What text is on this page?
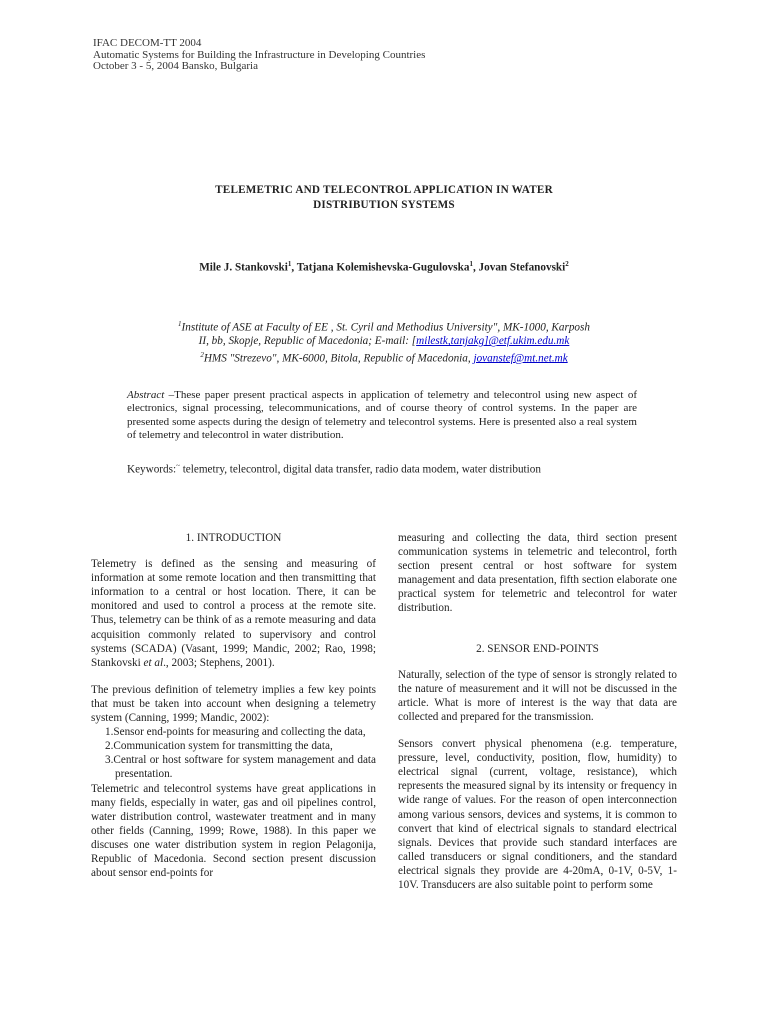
IFAC DECOM-TT 2004
Automatic Systems for Building the Infrastructure in Developing Countries
October 3 - 5, 2004 Bansko, Bulgaria
TELEMETRIC AND TELECONTROL APPLICATION IN WATER
DISTRIBUTION SYSTEMS
Mile J. Stankovski$^1$, Tatjana Kolemishevska-Gugulovska$^1$, Jovan Stefanovski$^2$
$^1$Institute of ASE at Faculty of EE , St. Cyril and Methodius University", MK-1000, Karposh
II, bb, Skopje, Republic of Macedonia; E-mail: [milestk,tanjakg]@etf.ukim.edu.mk
$^2$HMS "Strezevo", MK-6000, Bitola, Republic of Macedonia, jovanstef@mt.net.mk
Abstract –These paper present practical aspects in application of telemetry and telecontrol using new aspect of electronics, signal processing, telecommunications, and of course theory of control systems. In the paper are presented some aspects during the design of telemetry and telecontrol systems. Here is presented also a real system of telemetry and telecontrol in water distribution.
Keywords:~ telemetry, telecontrol, digital data transfer, radio data modem, water distribution
1. INTRODUCTION

Telemetry is defined as the sensing and measuring of information at some remote location and then transmitting that information to a central or host location. There, it can be monitored and used to control a process at the remote site. Thus, telemetry can be think of as a remote measuring and data acquisition commonly related to supervisory and control systems (SCADA) (Vasant, 1999; Mandic, 2002; Rao, 1998; Stankovski et al., 2003; Stephens, 2001).

The previous definition of telemetry implies a few key points that must be taken into account when designing a telemetry system (Canning, 1999; Mandic, 2002):

1.Sensor end-points for measuring and collecting the data,
2.Communication system for transmitting the data,
3.Central or host software for system management and data presentation.

Telemetric and telecontrol systems have great applications in many fields, especially in water, gas and oil pipelines control, water distribution control, wastewater treatment and in many other fields (Canning, 1999; Rowe, 1988). In this paper we discuses one water distribution system in region Pelagonija, Republic of Macedonia. Second section present discussion about sensor end-points for

measuring and collecting the data, third section present communication systems in telemetric and telecontrol, forth section present central or host software for system management and data presentation, fifth section elaborate one practical system for telemetric and telecontrol for water distribution.

2. SENSOR END-POINTS

Naturally, selection of the type of sensor is strongly related to the nature of measurement and it will not be discussed in the article. What is more of interest is the way that data are collected and prepared for the transmission.

Sensors convert physical phenomena (e.g. temperature, pressure, level, conductivity, position, flow, humidity) to electrical signal (current, voltage, resistance), which represents the measured signal by its intensity or frequency in wide range of values. For the reason of open interconnection among various sensors, devices and systems, it is common to convert that kind of electrical signals to standard electrical signals. Devices that provide such standard interfaces are called transducers or signal conditioners, and the standard electrical signals they provide are 4-20mA, 0-1V, 0-5V, 1-10V. Transducers are also suitable point to perform some
